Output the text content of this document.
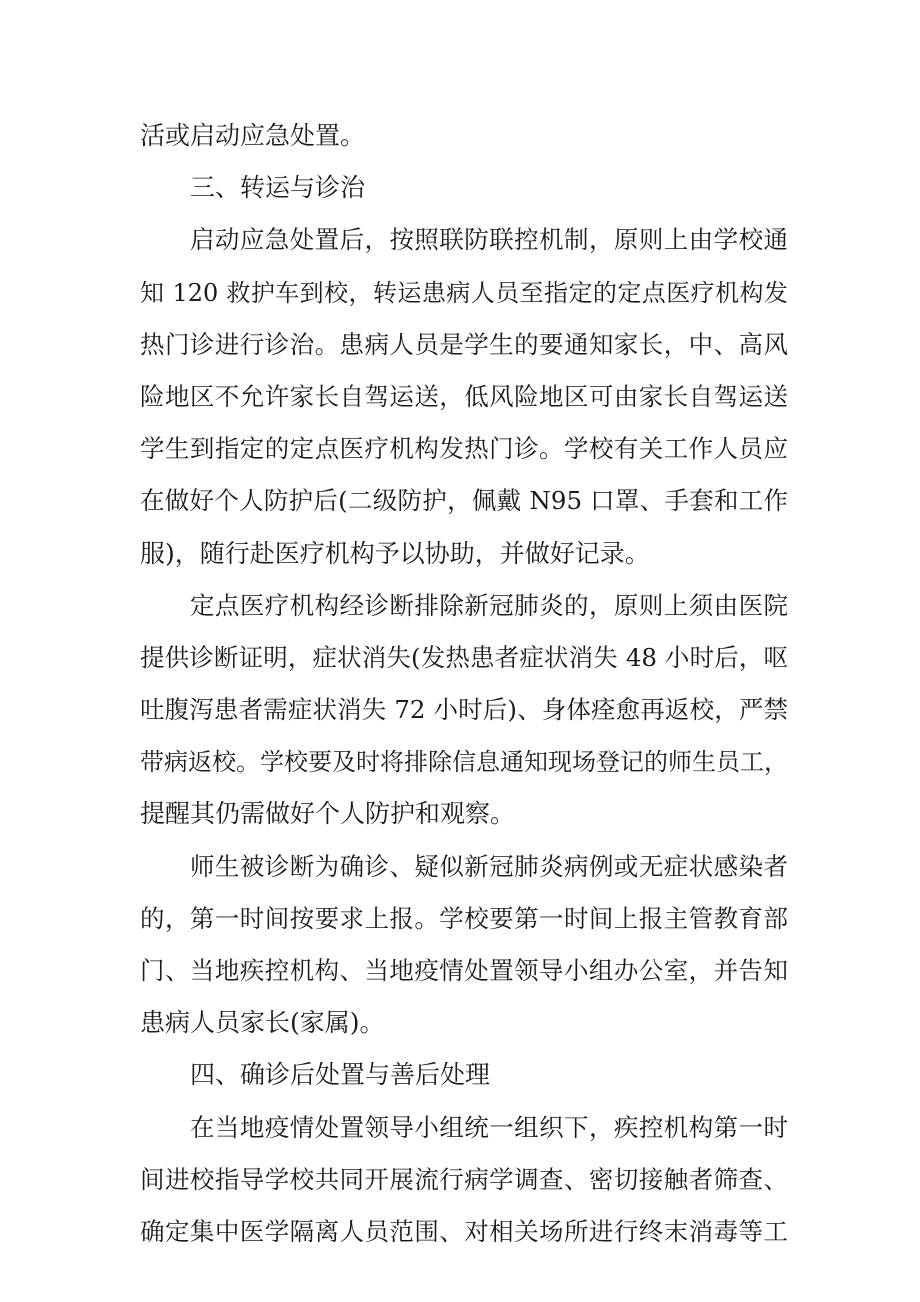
活或启动应急处置。
三、转运与诊治
启动应急处置后，按照联防联控机制，原则上由学校通
知 120 救护车到校，转运患病人员至指定的定点医疗机构发
热门诊进行诊治。患病人员是学生的要通知家长，中、高风
险地区不允许家长自驾运送，低风险地区可由家长自驾运送
学生到指定的定点医疗机构发热门诊。学校有关工作人员应
在做好个人防护后(二级防护，佩戴 N95 口罩、手套和工作
服)，随行赴医疗机构予以协助，并做好记录。
定点医疗机构经诊断排除新冠肺炎的，原则上须由医院
提供诊断证明，症状消失(发热患者症状消失 48 小时后，呕
吐腹泻患者需症状消失 72 小时后)、身体痊愈再返校，严禁
带病返校。学校要及时将排除信息通知现场登记的师生员工，
提醒其仍需做好个人防护和观察。
师生被诊断为确诊、疑似新冠肺炎病例或无症状感染者
的，第一时间按要求上报。学校要第一时间上报主管教育部
门、当地疾控机构、当地疫情处置领导小组办公室，并告知
患病人员家长(家属)。
四、确诊后处置与善后处理
在当地疫情处置领导小组统一组织下，疾控机构第一时
间进校指导学校共同开展流行病学调查、密切接触者筛查、
确定集中医学隔离人员范围、对相关场所进行终末消毒等工
